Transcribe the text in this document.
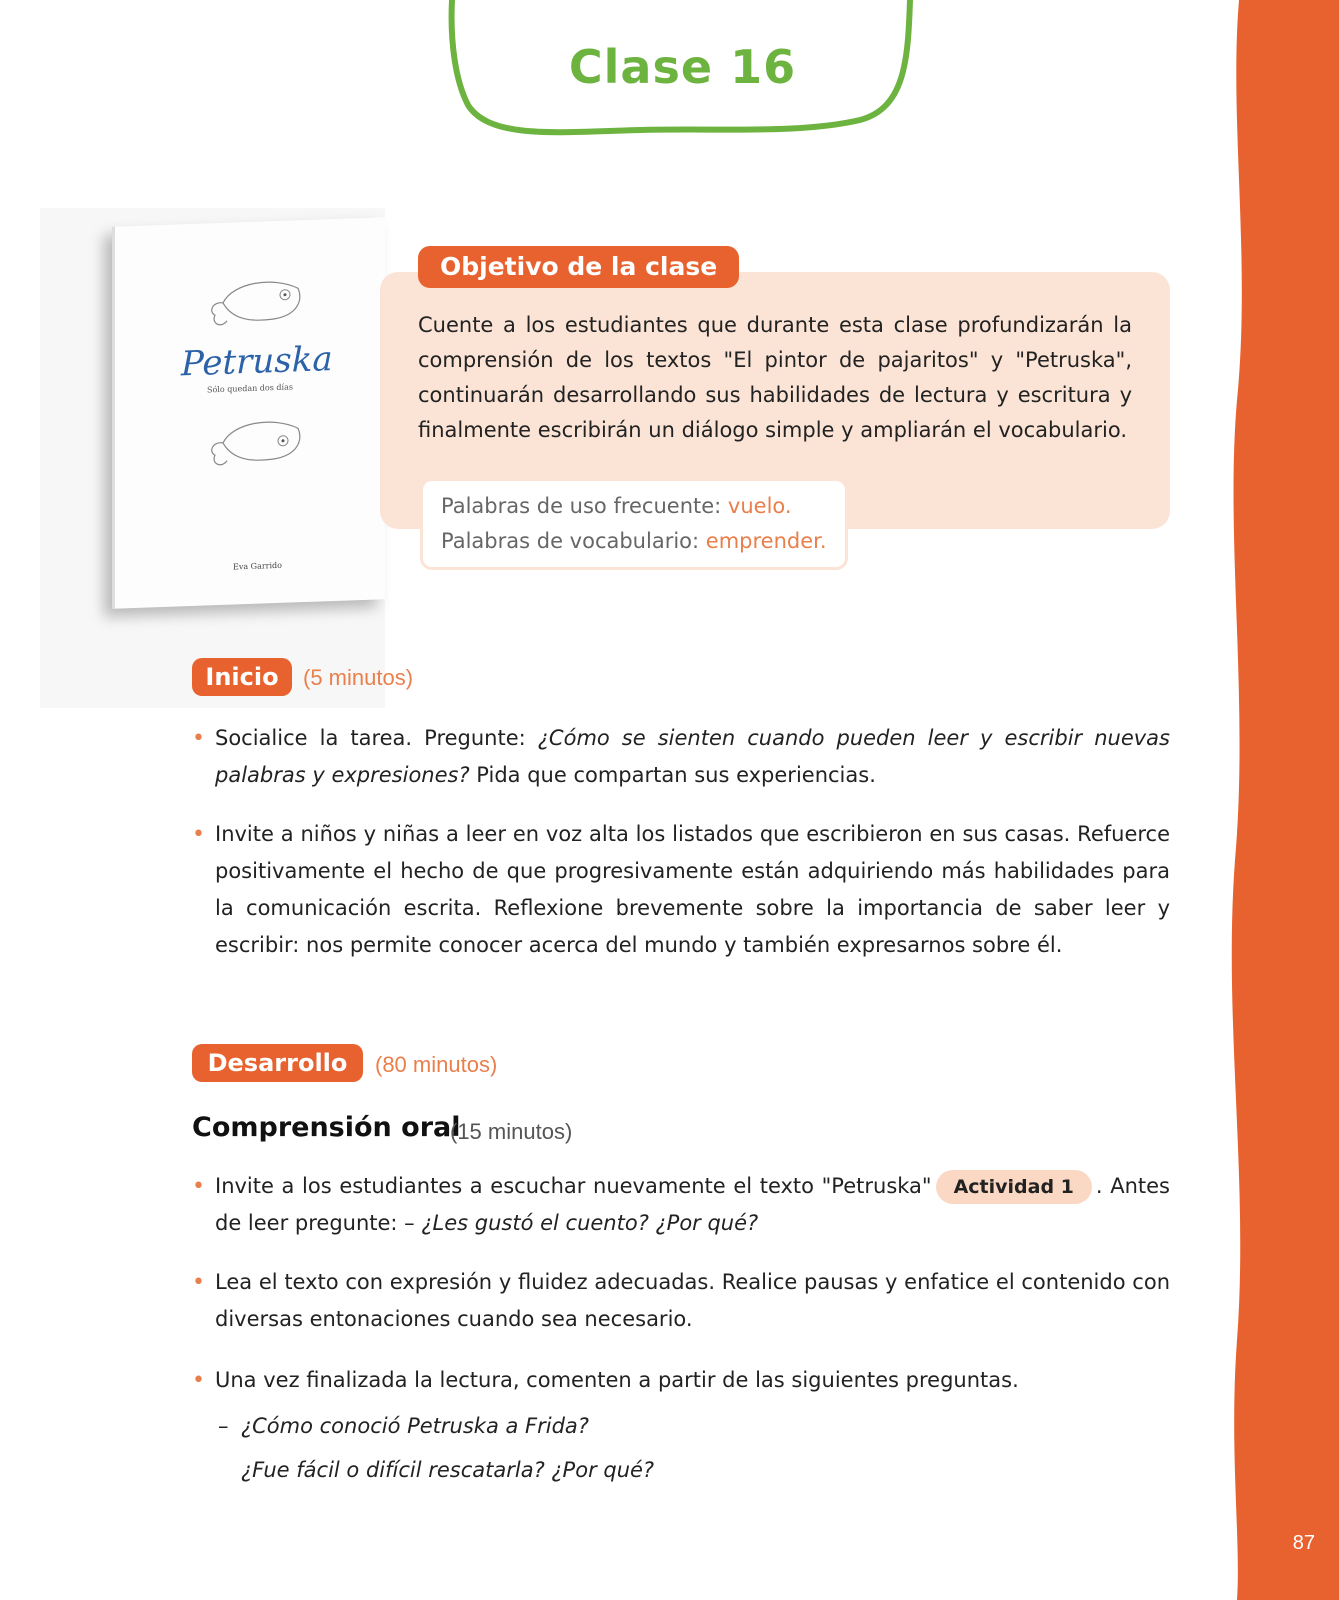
87
Clase 16
Petruska
Sólo quedan dos días
Eva Garrido
Objetivo de la clase
Cuente a los estudiantes que durante esta clase profundizarán la comprensión de los textos "El pintor de pajaritos" y "Petruska", continuarán desarrollando sus habilidades de lectura y escritura y finalmente escribirán un diálogo simple y ampliarán el vocabulario.
Palabras de uso frecuente: vuelo.
Palabras de vocabulario: emprender.
Inicio	(5 minutos)
• Socialice la tarea. Pregunte: ¿Cómo se sienten cuando pueden leer y escribir nuevas palabras y expresiones? Pida que compartan sus experiencias.
• Invite a niños y niñas a leer en voz alta los listados que escribieron en sus casas. Refuerce positivamente el hecho de que progresivamente están adquiriendo más habilidades para la comunicación escrita. Reflexione brevemente sobre la importancia de saber leer y escribir: nos permite conocer acerca del mundo y también expresarnos sobre él.
Desarrollo	(80 minutos)
Comprensión oral
(15 minutos)
• Invite a los estudiantes a escuchar nuevamente el texto "Petruska" Actividad 1 . Antes de leer pregunte: – ¿Les gustó el cuento? ¿Por qué?
• Lea el texto con expresión y fluidez adecuadas. Realice pausas y enfatice el contenido con diversas entonaciones cuando sea necesario.
• Una vez finalizada la lectura, comenten a partir de las siguientes preguntas.
– ¿Cómo conoció Petruska a Frida?
¿Fue fácil o difícil rescatarla? ¿Por qué?
